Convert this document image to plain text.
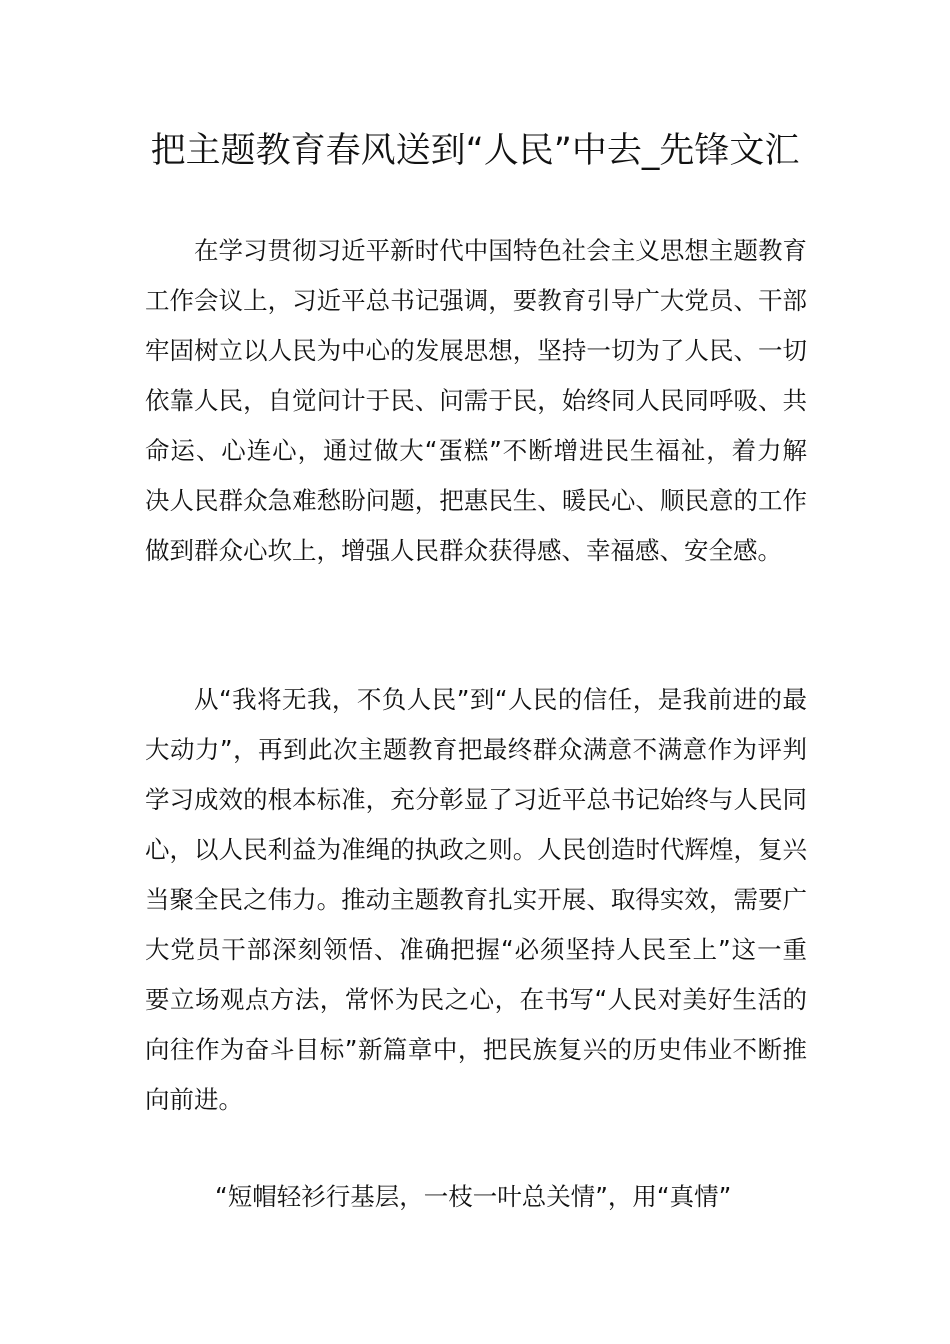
把主题教育春风送到“人民”中去_先锋文汇

在学习贯彻习近平新时代中国特色社会主义思想主题教育工作会议上，习近平总书记强调，要教育引导广大党员、干部牢固树立以人民为中心的发展思想，坚持一切为了人民、一切依靠人民，自觉问计于民、问需于民，始终同人民同呼吸、共命运、心连心，通过做大“蛋糕”不断增进民生福祉，着力解决人民群众急难愁盼问题，把惠民生、暖民心、顺民意的工作做到群众心坎上，增强人民群众获得感、幸福感、安全感。

从“我将无我，不负人民”到“人民的信任，是我前进的最大动力”，再到此次主题教育把最终群众满意不满意作为评判学习成效的根本标准，充分彰显了习近平总书记始终与人民同心，以人民利益为准绳的执政之则。人民创造时代辉煌，复兴当聚全民之伟力。推动主题教育扎实开展、取得实效，需要广大党员干部深刻领悟、准确把握“必须坚持人民至上”这一重要立场观点方法，常怀为民之心，在书写“人民对美好生活的向往作为奋斗目标”新篇章中，把民族复兴的历史伟业不断推向前进。

“短帽轻衫行基层，一枝一叶总关情”，用“真情”
